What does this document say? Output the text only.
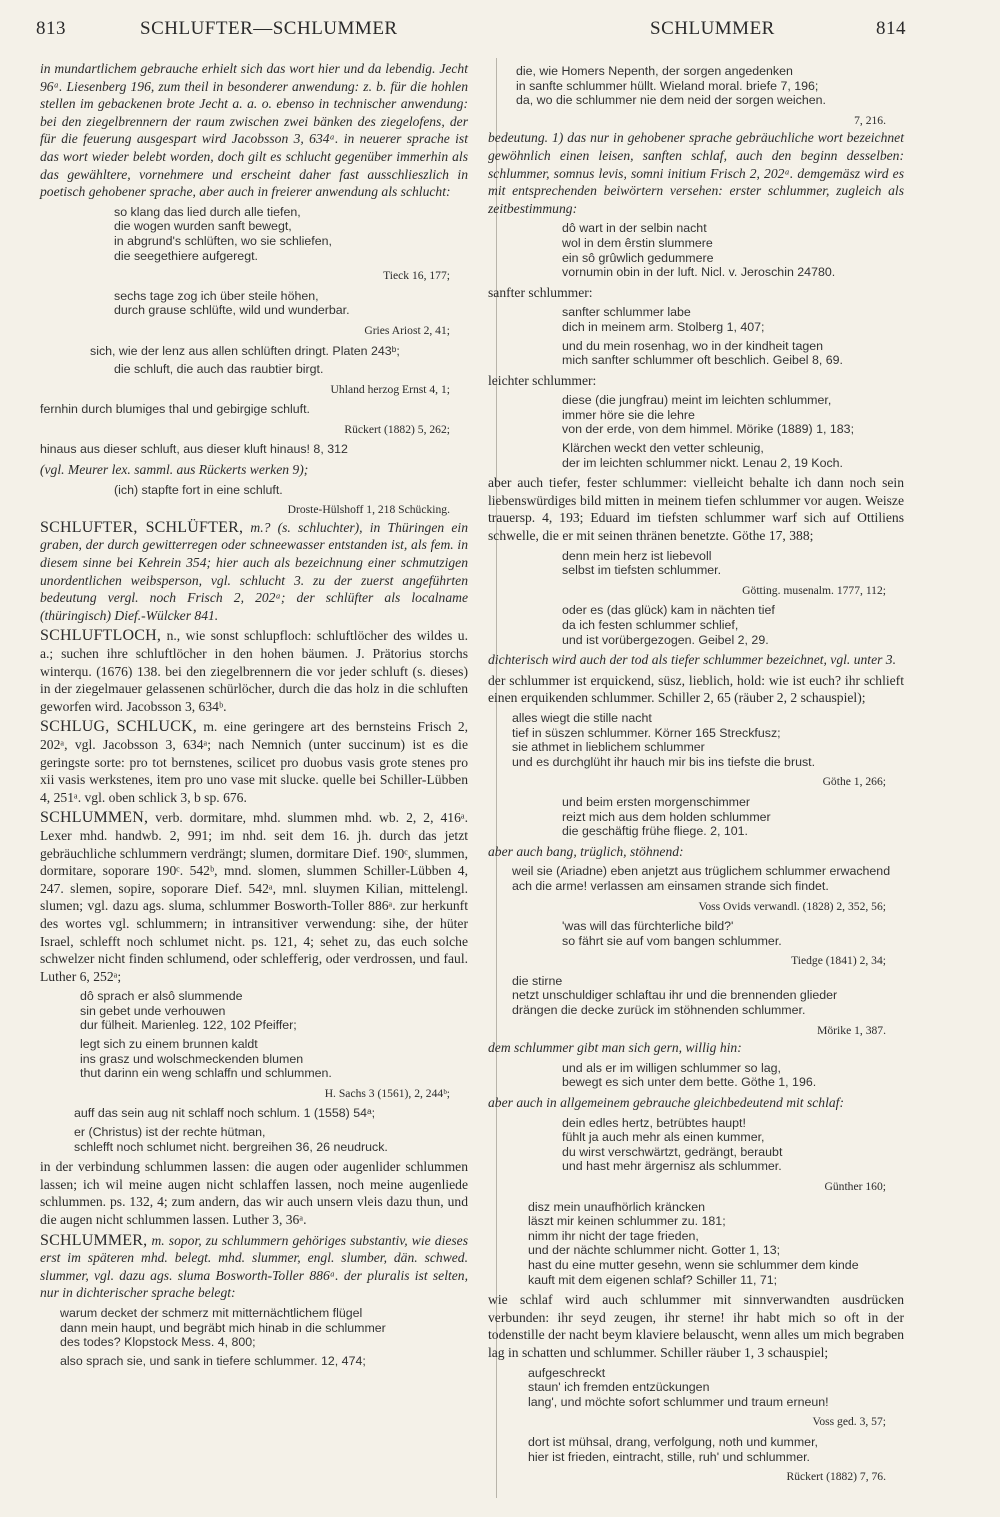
813	SCHLUFTER—SCHLUMMER	SCHLUMMER	814

in mundartlichem gebrauche erhielt sich das wort hier und da lebendig. Jecht 96ᵃ. Liesenberg 196, zum theil in besonderer anwendung: z. b. für die hohlen stellen im gebackenen brote Jecht a. a. o. ebenso in technischer anwendung: bei den ziegelbrennern der raum zwischen zwei bänken des ziegelofens, der für die feuerung ausgespart wird Jacobsson 3, 634ᵃ. in neuerer sprache ist das wort wieder belebt worden, doch gilt es schlucht gegenüber immerhin als das gewähltere, vornehmere und erscheint daher fast ausschlieszlich in poetisch gehobener sprache, aber auch in freierer anwendung als schlucht:

so klang das lied durch alle tiefen,
die wogen wurden sanft bewegt,
in abgrund's schlüften, wo sie schliefen,
die seegethiere aufgeregt.
Tieck 16, 177;
sechs tage zog ich über steile höhen,
durch grause schlüfte, wild und wunderbar.
Gries Ariost 2, 41;
sich, wie der lenz aus allen schlüften dringt. Platen 243ᵇ;
die schluft, die auch das raubtier birgt.
Uhland herzog Ernst 4, 1;
fernhin durch blumiges thal und gebirgige schluft.
Rückert (1882) 5, 262;
hinaus aus dieser schluft, aus dieser kluft hinaus! 8, 312

(vgl. Meurer lex. samml. aus Rückerts werken 9);

(ich) stapfte fort in eine schluft.
Droste-Hülshoff 1, 218 Schücking.

SCHLUFTER, SCHLÜFTER, m.? (s. schluchter), in Thüringen ein graben, der durch gewitterregen oder schneewasser entstanden ist, als fem. in diesem sinne bei Kehrein 354; hier auch als bezeichnung einer schmutzigen unordentlichen weibsperson, vgl. schlucht 3. zu der zuerst angeführten bedeutung vergl. noch Frisch 2, 202ᵃ; der schlüfter als localname (thüringisch) Dief.-Wülcker 841.

SCHLUFTLOCH, n., wie sonst schlupfloch: schluftlöcher des wildes u. a.; suchen ihre schluftlöcher in den hohen bäumen. J. Prätorius storchs winterqu. (1676) 138. bei den ziegelbrennern die vor jeder schluft (s. dieses) in der ziegelmauer gelassenen schürlöcher, durch die das holz in die schluften geworfen wird. Jacobsson 3, 634ᵇ.

SCHLUG, SCHLUCK, m. eine geringere art des bernsteins Frisch 2, 202ᵃ, vgl. Jacobsson 3, 634ᵃ; nach Nemnich (unter succinum) ist es die geringste sorte: pro tot bernstenes, scilicet pro duobus vasis grote stenes pro xii vasis werkstenes, item pro uno vase mit slucke. quelle bei Schiller-Lübben 4, 251ᵃ. vgl. oben schlick 3, b sp. 676.

SCHLUMMEN, verb. dormitare, mhd. slummen mhd. wb. 2, 2, 416ᵃ. Lexer mhd. handwb. 2, 991; im nhd. seit dem 16. jh. durch das jetzt gebräuchliche schlummern verdrängt; slumen, dormitare Dief. 190ᶜ, slummen, dormitare, soporare 190ᶜ. 542ᵇ, mnd. slomen, slummen Schiller-Lübben 4, 247. slemen, sopire, soporare Dief. 542ᵃ, mnl. sluymen Kilian, mittelengl. slumen; vgl. dazu ags. sluma, schlummer Bosworth-Toller 886ᵃ. zur herkunft des wortes vgl. schlummern; in intransitiver verwendung: sihe, der hüter Israel, schlefft noch schlumet nicht. ps. 121, 4; sehet zu, das euch solche schwelzer nicht finden schlumend, oder schlefferig, oder verdrossen, und faul. Luther 6, 252ᵃ;

dô sprach er alsô slummende
sin gebet unde verhouwen
dur fülheit. Marienleg. 122, 102 Pfeiffer;
legt sich zu einem brunnen kaldt
ins grasz und wolschmeckenden blumen
thut darinn ein weng schlaffn und schlummen.
H. Sachs 3 (1561), 2, 244ᵇ;
auff das sein aug nit schlaff noch schlum. 1 (1558) 54ᵃ;
er (Christus) ist der rechte hütman,
schlefft noch schlumet nicht. bergreihen 36, 26 neudruck.

in der verbindung schlummen lassen: die augen oder augenlider schlummen lassen; ich wil meine augen nicht schlaffen lassen, noch meine augenliede schlummen. ps. 132, 4; zum andern, das wir auch unsern vleis dazu thun, und die augen nicht schlummen lassen. Luther 3, 36ᵃ.

SCHLUMMER, m. sopor, zu schlummern gehöriges substantiv, wie dieses erst im späteren mhd. belegt. mhd. slummer, engl. slumber, dän. schwed. slummer, vgl. dazu ags. sluma Bosworth-Toller 886ᵃ. der pluralis ist selten, nur in dichterischer sprache belegt:

warum decket der schmerz mit mitternächtlichem flügel
dann mein haupt, und begräbt mich hinab in die schlummer
des todes? Klopstock Mess. 4, 800;
also sprach sie, und sank in tiefere schlummer. 12, 474;
die, wie Homers Nepenth, der sorgen angedenken
in sanfte schlummer hüllt. Wieland moral. briefe 7, 196;
da, wo die schlummer nie dem neid der sorgen weichen.
7, 216.

bedeutung. 1) das nur in gehobener sprache gebräuchliche wort bezeichnet gewöhnlich einen leisen, sanften schlaf, auch den beginn desselben: schlummer, somnus levis, somni initium Frisch 2, 202ᵃ. demgemäsz wird es mit entsprechenden beiwörtern versehen: erster schlummer, zugleich als zeitbestimmung:

dô wart in der selbin nacht
wol in dem êrstin slummere
ein sô grûwlich gedummere
vornumin obin in der luft. Nicl. v. Jeroschin 24780.

sanfter schlummer:

sanfter schlummer labe
dich in meinem arm. Stolberg 1, 407;
und du mein rosenhag, wo in der kindheit tagen
mich sanfter schlummer oft beschlich. Geibel 8, 69.

leichter schlummer:

diese (die jungfrau) meint im leichten schlummer,
immer höre sie die lehre
von der erde, von dem himmel. Mörike (1889) 1, 183;
Klärchen weckt den vetter schleunig,
der im leichten schlummer nickt. Lenau 2, 19 Koch.

aber auch tiefer, fester schlummer: vielleicht behalte ich dann noch sein liebenswürdiges bild mitten in meinem tiefen schlummer vor augen. Weisze trauersp. 4, 193; Eduard im tiefsten schlummer warf sich auf Ottiliens schwelle, die er mit seinen thränen benetzte. Göthe 17, 388;

denn mein herz ist liebevoll
selbst im tiefsten schlummer.
Götting. musenalm. 1777, 112;
oder es (das glück) kam in nächten tief
da ich festen schlummer schlief,
und ist vorübergezogen. Geibel 2, 29.

dichterisch wird auch der tod als tiefer schlummer bezeichnet, vgl. unter 3.

der schlummer ist erquickend, süsz, lieblich, hold: wie ist euch? ihr schlieft einen erquikenden schlummer. Schiller 2, 65 (räuber 2, 2 schauspiel);

alles wiegt die stille nacht
tief in süszen schlummer. Körner 165 Streckfusz;
sie athmet in lieblichem schlummer
und es durchglüht ihr hauch mir bis ins tiefste die brust.
Göthe 1, 266;
und beim ersten morgenschimmer
reizt mich aus dem holden schlummer
die geschäftig frühe fliege. 2, 101.

aber auch bang, trüglich, stöhnend:

weil sie (Ariadne) eben anjetzt aus trüglichem schlummer erwachend
ach die arme! verlassen am einsamen strande sich findet.
Voss Ovids verwandl. (1828) 2, 352, 56;
'was will das fürchterliche bild?'
so fährt sie auf vom bangen schlummer.
Tiedge (1841) 2, 34;
die stirne
netzt unschuldiger schlaftau ihr und die brennenden glieder
drängen die decke zurück im stöhnenden schlummer.
Mörike 1, 387.

dem schlummer gibt man sich gern, willig hin:

und als er im willigen schlummer so lag,
bewegt es sich unter dem bette. Göthe 1, 196.

aber auch in allgemeinem gebrauche gleichbedeutend mit schlaf:

dein edles hertz, betrübtes haupt!
fühlt ja auch mehr als einen kummer,
du wirst verschwärtzt, gedrängt, beraubt
und hast mehr ärgernisz als schlummer.
Günther 160;
disz mein unaufhörlich kräncken
läszt mir keinen schlummer zu. 181;
nimm ihr nicht der tage frieden,
und der nächte schlummer nicht. Gotter 1, 13;
hast du eine mutter gesehn, wenn sie schlummer dem kinde
kauft mit dem eigenen schlaf? Schiller 11, 71;

wie schlaf wird auch schlummer mit sinnverwandten ausdrücken verbunden: ihr seyd zeugen, ihr sterne! ihr habt mich so oft in der todenstille der nacht beym klaviere belauscht, wenn alles um mich begraben lag in schatten und schlummer. Schiller räuber 1, 3 schauspiel;

aufgeschreckt
staun' ich fremden entzückungen
lang', und möchte sofort schlummer und traum erneun!
Voss ged. 3, 57;
dort ist mühsal, drang, verfolgung, noth und kummer,
hier ist frieden, eintracht, stille, ruh' und schlummer.
Rückert (1882) 7, 76.
